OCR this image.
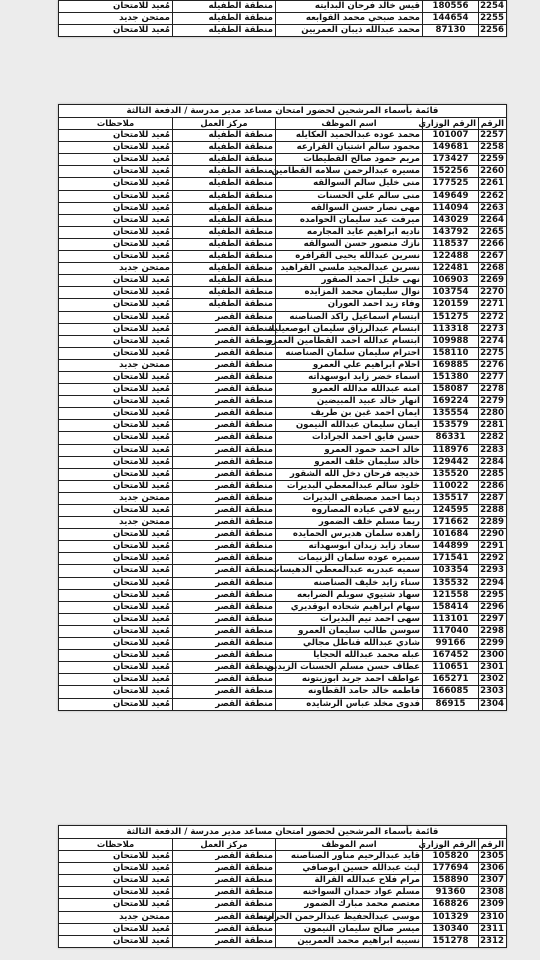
2254	180556	قيس خالد فرحان البدايته	منطقة الطفيله	مُعيد للامتحان
2255	144654	محمد صبحي محمد القوابعه	منطقة الطفيله	ممتحن جديد
2256	87130	محمد عبدالله ذيبان العمريين	منطقة الطفيله	مُعيد للامتحان
قائمة بأسماء المرشحين لحضور امتحان مساعد مدير مدرسة / الدفعة الثالثة				
الرقم	الرقم الوزاري	اسم الموظف	مركز العمل	ملاحظات
2257	101007	محمد عوده عبدالحميد العكايله	منطقة الطفيله	مُعيد للامتحان
2258	149681	محمود سالم اشتيان القرارعه	منطقة الطفيله	مُعيد للامتحان
2259	173427	مريم حمود صالح القطيطات	منطقة الطفيله	مُعيد للامتحان
2260	152256	مسيره عبدالرحمن سلامه القطامين	منطقة الطفيله	مُعيد للامتحان
2261	177525	منى خليل سالم السوالقه	منطقة الطفيله	مُعيد للامتحان
2262	149649	منى سالم علي الحسنات	منطقة الطفيله	مُعيد للامتحان
2263	114094	مهى نصار حسن السوالقه	منطقة الطفيله	مُعيد للامتحان
2264	143029	ميرفت عيد سليمان الحوامده	منطقة الطفيله	مُعيد للامتحان
2265	143792	ناديه ابراهيم عايد المجارمه	منطقة الطفيله	مُعيد للامتحان
2266	118537	نازك منصور حسن السوالقه	منطقة الطفيله	مُعيد للامتحان
2267	122488	نسرين عبدالله يحيى القرافره	منطقة الطفيله	مُعيد للامتحان
2268	122481	نسرين عبدالمجيد ملسي القراهيد	منطقة الطفيله	ممتحن جديد
2269	106903	نهى خليل احمد الصقور	منطقة الطفيله	مُعيد للامتحان
2270	103754	نوال سليمان محمد المزايده	منطقة الطفيله	مُعيد للامتحان
2271	120159	وفاء زيد احمد العوران	منطقة الطفيله	مُعيد للامتحان
2272	151275	ابتسام اسماعيل راكد الصناصنه	منطقة القصر	مُعيد للامتحان
2273	113318	ابتسام عبدالرزاق سليمان ابوصعيليك	منطقة القصر	مُعيد للامتحان
2274	109988	ابتسام عدالله احمد القطامين العمرو	منطقة القصر	مُعيد للامتحان
2275	158110	احترام سليمان سلمان الصناصنه	منطقة القصر	مُعيد للامتحان
2276	169885	احلام ابراهيم علي العمرو	منطقة القصر	ممتحن جديد
2277	151380	اسماء خضر زايد ابوسهداته	منطقة القصر	مُعيد للامتحان
2278	158087	امنه عبدالله مدالله العمرو	منطقة القصر	مُعيد للامتحان
2279	169224	انهار خالد عبيد المبيضين	منطقة القصر	مُعيد للامتحان
2280	135554	ايمان احمد غبن بن طريف	منطقة القصر	مُعيد للامتحان
2281	153579	ايمان سليمان عبدالله النيمون	منطقة القصر	مُعيد للامتحان
2282	86331	حسن فايق احمد الجرادات	منطقة القصر	مُعيد للامتحان
2283	118976	خالد احمد حمود العمرو	منطقة القصر	مُعيد للامتحان
2284	129442	خالد سليمان خلف العمرو	منطقة القصر	مُعيد للامتحان
2285	135520	خديجه فرحان دخل الله الشقور	منطقة القصر	مُعيد للامتحان
2286	110022	خلود سالم عبدالمعطي البديرات	منطقة القصر	مُعيد للامتحان
2287	135517	ديما احمد مصطفى البديرات	منطقة القصر	ممتحن جديد
2288	124595	ربيع لافي عياده المصاروه	منطقة القصر	مُعيد للامتحان
2289	171662	ريما مسلم خلف الضمور	منطقة القصر	ممتحن جديد
2290	101684	زاهده سلمان هديرس الحمايده	منطقة القصر	مُعيد للامتحان
2291	144899	سعاد زايد زيدان ابوسهداته	منطقة القصر	مُعيد للامتحان
2292	171541	سميره عوده سلمان الزنيمات	منطقة القصر	مُعيد للامتحان
2293	103354	سميه عبدربه عبدالمعطي الدهيسات	منطقة القصر	مُعيد للامتحان
2294	135532	سناء زايد خليف الصناصنه	منطقة القصر	مُعيد للامتحان
2295	121558	سهاد شتيوي سويلم الضرابعه	منطقة القصر	مُعيد للامتحان
2296	158414	سهام ابراهيم شحاده ابوقديري	منطقة القصر	مُعيد للامتحان
2297	113101	سهى احمد تيم البديرات	منطقة القصر	مُعيد للامتحان
2298	117040	سوسن طالب سليمان العمرو	منطقة القصر	مُعيد للامتحان
2299	99166	شادي عبدالله قناطل مجالي	منطقة القصر	مُعيد للامتحان
2300	167452	عبله محمد عبدالله الحجايا	منطقة القصر	مُعيد للامتحان
2301	110651	عطاف حسن مسلم الحسنات الزيدين	منطقة القصر	مُعيد للامتحان
2302	165271	عواطف احمد جريد ابوزيتونه	منطقة القصر	مُعيد للامتحان
2303	166085	فاطمه خالد حامد القطاونه	منطقة القصر	مُعيد للامتحان
2304	86915	فدوى مخلد عباس الرشايده	منطقة القصر	مُعيد للامتحان
قائمة بأسماء المرشحين لحضور امتحان مساعد مدير مدرسة / الدفعة الثالثة				
الرقم	الرقم الوزاري	اسم الموظف	مركز العمل	ملاحظات
2305	105820	قايد عبدالرحيم مناور الصناصنه	منطقة القصر	مُعيد للامتحان
2306	177694	ليث عبدالله حسين ابوصافي	منطقة القصر	مُعيد للامتحان
2307	158890	مرام فلاح عبدالله القرالة	منطقة القصر	مُعيد للامتحان
2308	91360	مسلم عواد حمدان السواخنه	منطقة القصر	مُعيد للامتحان
2309	168826	معتصم محمد مبارك الضمور	منطقة القصر	مُعيد للامتحان
2310	101329	موسى عبدالحفيظ عبدالرحمن الحرازنه	منطقة القصر	ممتحن جديد
2311	130340	ميسر صالح سليمان النيمون	منطقة القصر	مُعيد للامتحان
2312	151278	نسيبه ابراهيم محمد العمريين	منطقة القصر	مُعيد للامتحان
